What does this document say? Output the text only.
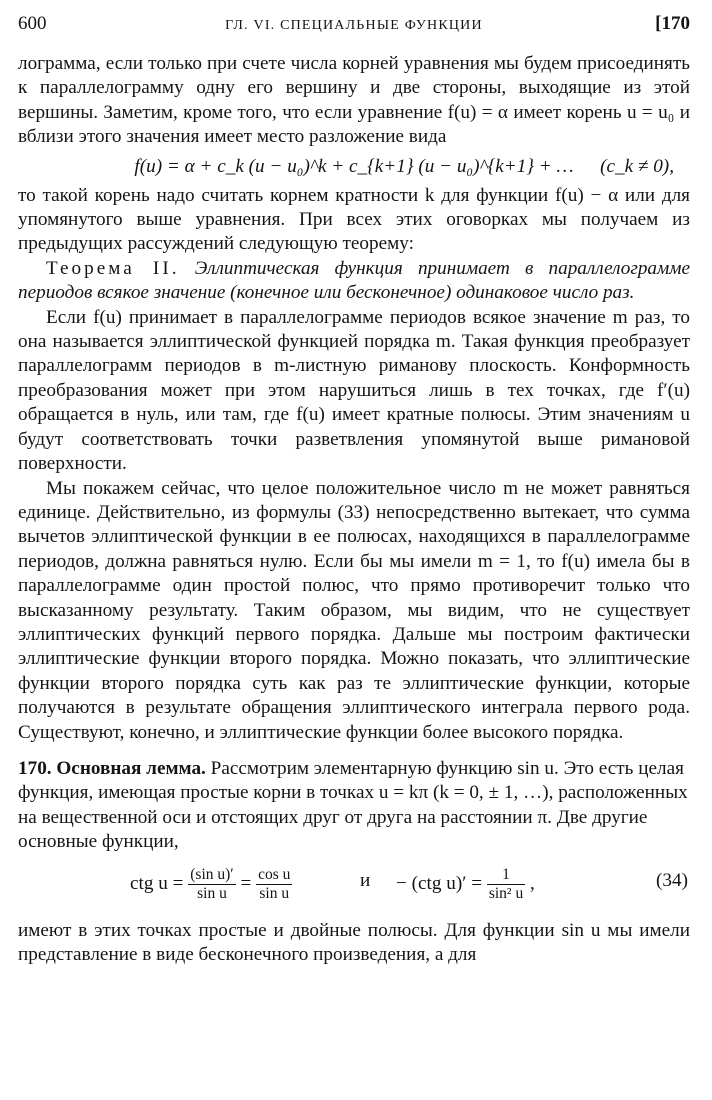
600	ГЛ. VI. СПЕЦИАЛЬНЫЕ ФУНКЦИИ	[170

лограмма, если только при счете числа корней уравнения мы будем присоединять к параллелограмму одну его вершину и две стороны, выходящие из этой вершины. Заметим, кроме того, что если уравнение f(u) = α имеет корень u = u₀ и вблизи этого значения имеет место разложение вида

f(u) = α + c_k (u − u₀)^k + c_{k+1} (u − u₀)^{k+1} + …	(c_k ≠ 0),

то такой корень надо считать корнем кратности k для функции f(u) − α или для упомянутого выше уравнения. При всех этих оговорках мы получаем из предыдущих рассуждений следующую теорему:

Теорема II. Эллиптическая функция принимает в параллелограмме периодов всякое значение (конечное или бесконечное) одинаковое число раз.

Если f(u) принимает в параллелограмме периодов всякое значение m раз, то она называется эллиптической функцией порядка m. Такая функция преобразует параллелограмм периодов в m-листную риманову плоскость. Конформность преобразования может при этом нарушиться лишь в тех точках, где f′(u) обращается в нуль, или там, где f(u) имеет кратные полюсы. Этим значениям u будут соответствовать точки разветвления упомянутой выше римановой поверхности.

Мы покажем сейчас, что целое положительное число m не может равняться единице. Действительно, из формулы (33) непосредственно вытекает, что сумма вычетов эллиптической функции в ее полюсах, находящихся в параллелограмме периодов, должна равняться нулю. Если бы мы имели m = 1, то f(u) имела бы в параллелограмме один простой полюс, что прямо противоречит только что высказанному результату. Таким образом, мы видим, что не существует эллиптических функций первого порядка. Дальше мы построим фактически эллиптические функции второго порядка. Можно показать, что эллиптические функции второго порядка суть как раз те эллиптические функции, которые получаются в результате обращения эллиптического интеграла первого рода. Существуют, конечно, и эллиптические функции более высокого порядка.

170. Основная лемма. Рассмотрим элементарную функцию sin u. Это есть целая функция, имеющая простые корни в точках u = kπ (k = 0, ± 1, …), расположенных на вещественной оси и отстоящих друг от друга на расстоянии π. Две другие основные функции,

ctg $u = \frac{\text{(sin u)′}}{\text{sin u}} = \frac{\text{cos u}}{\text{sin u}}$	и − (ctg $u)' = \frac{1}{\text{sin² u}}$ ,	(34)

имеют в этих точках простые и двойные полюсы. Для функции sin u мы имели представление в виде бесконечного произведения, а для
